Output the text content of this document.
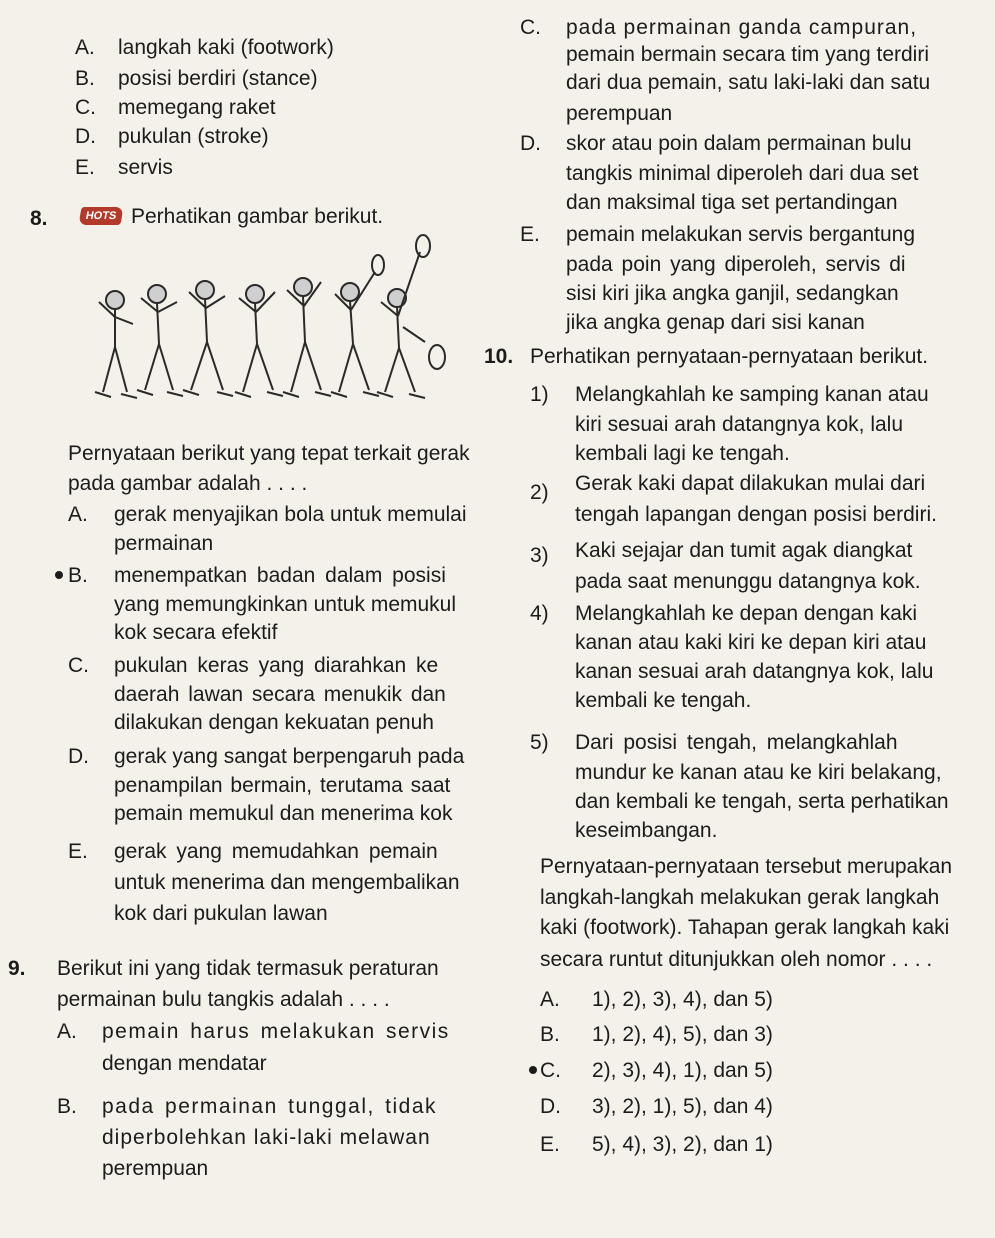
A. langkah kaki (footwork)
B. posisi berdiri (stance)
C. memegang raket
D. pukulan (stroke)
E. servis
8.	HOTS Perhatikan gambar berikut.
Pernyataan berikut yang tepat terkait gerak
pada gambar adalah . . . .
A. gerak menyajikan bola untuk memulai
permainan
B. menempatkan badan dalam posisi
yang memungkinkan untuk memukul
kok secara efektif
C. pukulan keras yang diarahkan ke
daerah lawan secara menukik dan
dilakukan dengan kekuatan penuh
D. gerak yang sangat berpengaruh pada
penampilan bermain, terutama saat
pemain memukul dan menerima kok
E. gerak yang memudahkan pemain
untuk menerima dan mengembalikan
kok dari pukulan lawan
9. Berikut ini yang tidak termasuk peraturan
permainan bulu tangkis adalah . . . .
A. pemain harus melakukan servis
dengan mendatar
B. pada permainan tunggal, tidak
diperbolehkan laki-laki melawan
perempuan
C. pada permainan ganda campuran,
pemain bermain secara tim yang terdiri
dari dua pemain, satu laki-laki dan satu
perempuan
D. skor atau poin dalam permainan bulu
tangkis minimal diperoleh dari dua set
dan maksimal tiga set pertandingan
E. pemain melakukan servis bergantung
pada poin yang diperoleh, servis di
sisi kiri jika angka ganjil, sedangkan
jika angka genap dari sisi kanan
10. Perhatikan pernyataan-pernyataan berikut.
1) Melangkahlah ke samping kanan atau
kiri sesuai arah datangnya kok, lalu
kembali lagi ke tengah.
2) Gerak kaki dapat dilakukan mulai dari
tengah lapangan dengan posisi berdiri.
3) Kaki sejajar dan tumit agak diangkat
pada saat menunggu datangnya kok.
4) Melangkahlah ke depan dengan kaki
kanan atau kaki kiri ke depan kiri atau
kanan sesuai arah datangnya kok, lalu
kembali ke tengah.
5) Dari posisi tengah, melangkahlah
mundur ke kanan atau ke kiri belakang,
dan kembali ke tengah, serta perhatikan
keseimbangan.
Pernyataan-pernyataan tersebut merupakan
langkah-langkah melakukan gerak langkah
kaki (footwork). Tahapan gerak langkah kaki
secara runtut ditunjukkan oleh nomor . . . .
A. 1), 2), 3), 4), dan 5)
B. 1), 2), 4), 5), dan 3)
C. 2), 3), 4), 1), dan 5)
D. 3), 2), 1), 5), dan 4)
E. 5), 4), 3), 2), dan 1)
